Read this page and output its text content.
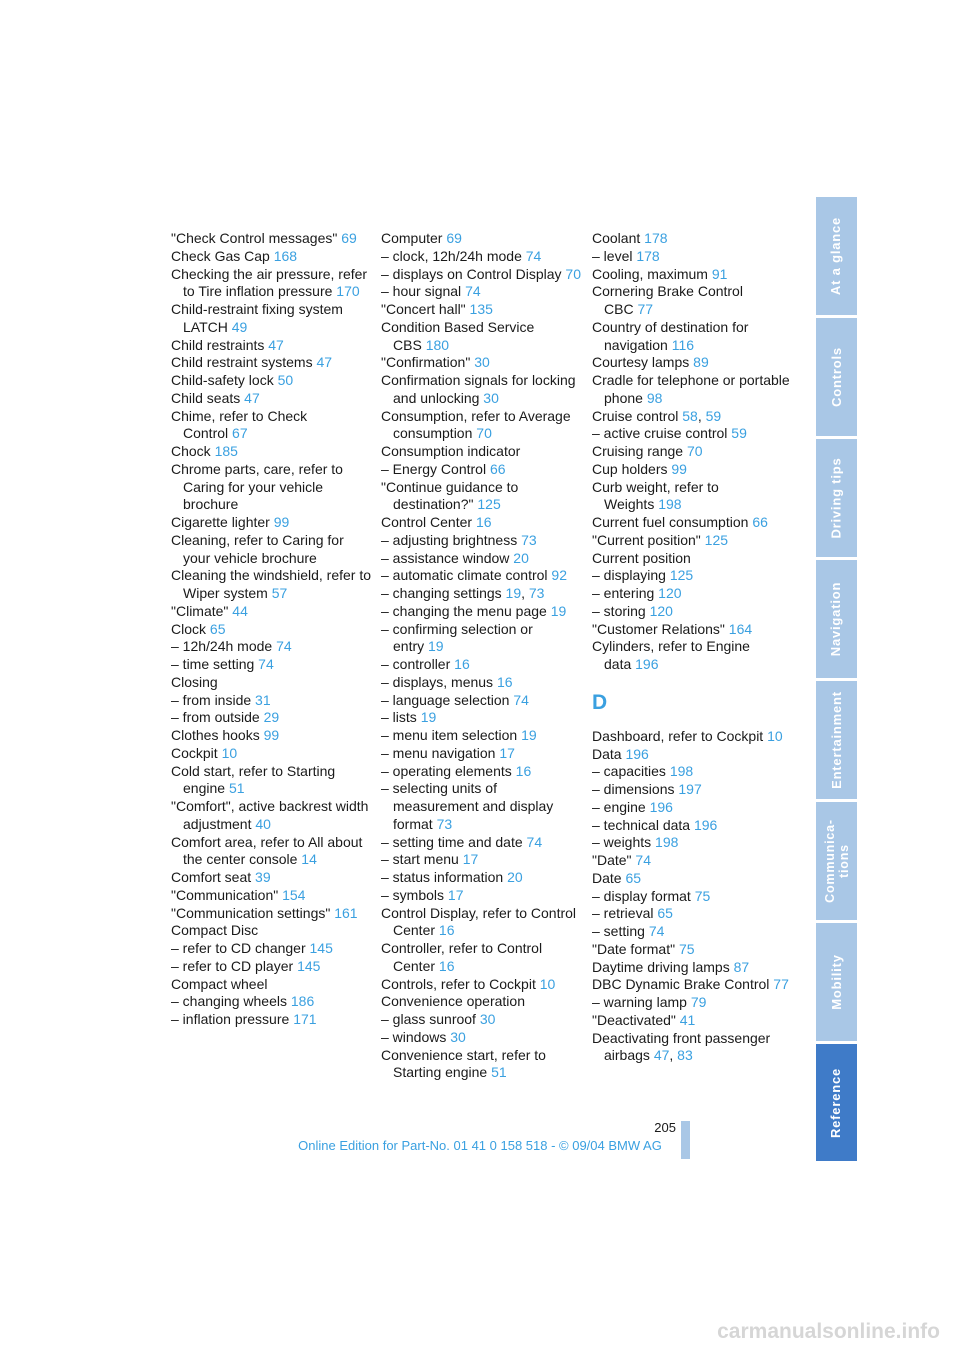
"Check Control messages" 69
Check Gas Cap 168
Checking the air pressure, refer to Tire inflation pressure 170
Child-restraint fixing system LATCH 49
Child restraints 47
Child restraint systems 47
Child-safety lock 50
Child seats 47
Chime, refer to Check Control 67
Chock 185
Chrome parts, care, refer to Caring for your vehicle brochure
Cigarette lighter 99
Cleaning, refer to Caring for your vehicle brochure
Cleaning the windshield, refer to Wiper system 57
"Climate" 44
Clock 65
– 12h/24h mode 74
– time setting 74
Closing
– from inside 31
– from outside 29
Clothes hooks 99
Cockpit 10
Cold start, refer to Starting engine 51
"Comfort", active backrest width adjustment 40
Comfort area, refer to All about the center console 14
Comfort seat 39
"Communication" 154
"Communication settings" 161
Compact Disc
– refer to CD changer 145
– refer to CD player 145
Compact wheel
– changing wheels 186
– inflation pressure 171
Computer 69
– clock, 12h/24h mode 74
– displays on Control Display 70
– hour signal 74
"Concert hall" 135
Condition Based Service CBS 180
"Confirmation" 30
Confirmation signals for locking and unlocking 30
Consumption, refer to Average consumption 70
Consumption indicator
– Energy Control 66
"Continue guidance to destination?" 125
Control Center 16
– adjusting brightness 73
– assistance window 20
– automatic climate control 92
– changing settings 19, 73
– changing the menu page 19
– confirming selection or entry 19
– controller 16
– displays, menus 16
– language selection 74
– lists 19
– menu item selection 19
– menu navigation 17
– operating elements 16
– selecting units of measurement and display format 73
– setting time and date 74
– start menu 17
– status information 20
– symbols 17
Control Display, refer to Control Center 16
Controller, refer to Control Center 16
Controls, refer to Cockpit 10
Convenience operation
– glass sunroof 30
– windows 30
Convenience start, refer to Starting engine 51
Coolant 178
– level 178
Cooling, maximum 91
Cornering Brake Control CBC 77
Country of destination for navigation 116
Courtesy lamps 89
Cradle for telephone or portable phone 98
Cruise control 58, 59
– active cruise control 59
Cruising range 70
Cup holders 99
Curb weight, refer to Weights 198
Current fuel consumption 66
"Current position" 125
Current position
– displaying 125
– entering 120
– storing 120
"Customer Relations" 164
Cylinders, refer to Engine data 196
D
Dashboard, refer to Cockpit 10
Data 196
– capacities 198
– dimensions 197
– engine 196
– technical data 196
– weights 198
"Date" 74
Date 65
– display format 75
– retrieval 65
– setting 74
"Date format" 75
Daytime driving lamps 87
DBC Dynamic Brake Control 77
– warning lamp 79
"Deactivated" 41
Deactivating front passenger airbags 47, 83
At a glance
Controls
Driving tips
Navigation
Entertainment
Communica-
tions
Mobility
Reference
205
Online Edition for Part-No. 01 41 0 158 518 - © 09/04 BMW AG
carmanualsonline.info
